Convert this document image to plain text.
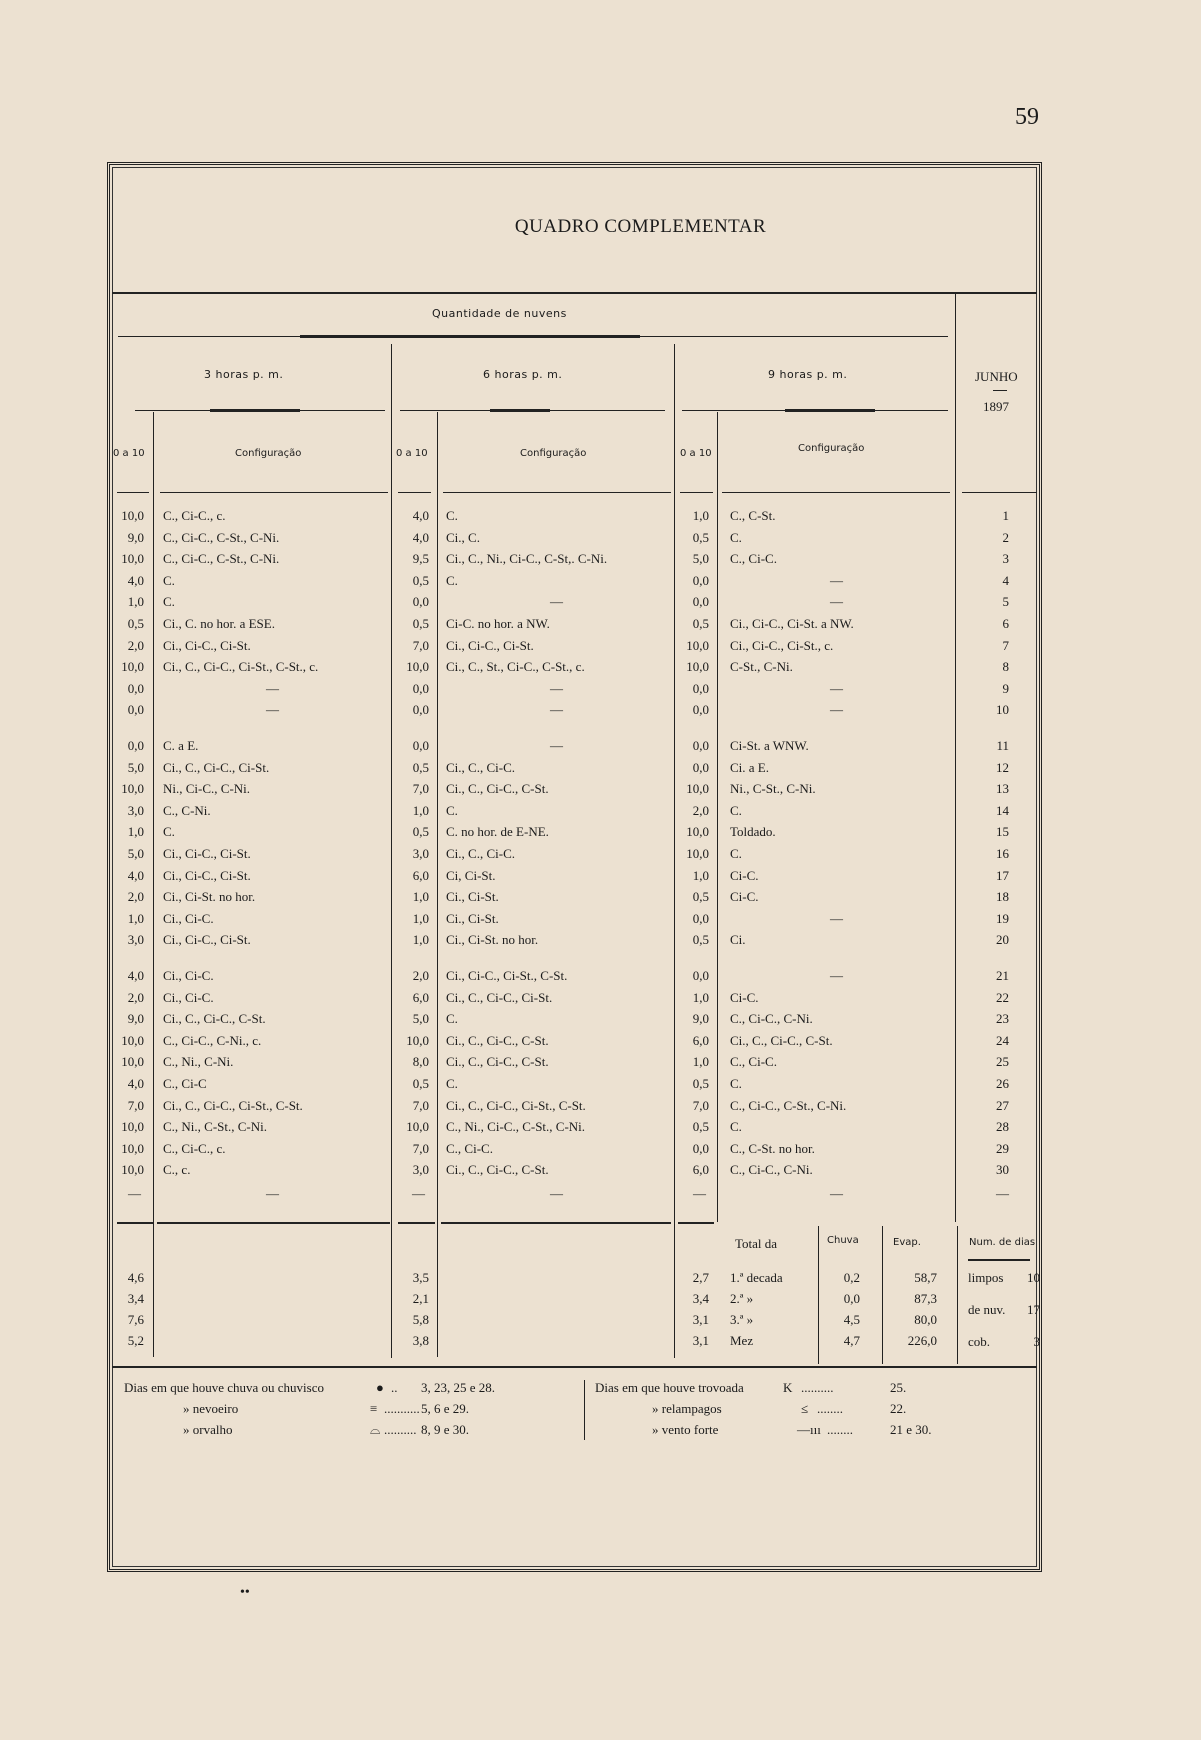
59
QUADRO COMPLEMENTAR
Quantidade de nuvens
JUNHO
1897
3 horas p. m.	6 horas p. m.	9 horas p. m.
0 a 10	Configuração	0 a 10	Configuração	0 a 10	Configuração
10,0 C., Ci-C., c.	4,0 C.	1,0 C., C-St.	1
9,0 C., Ci-C., C-St., C-Ni.	4,0 Ci., C.	0,5 C.	2
10,0 C., Ci-C., C-St., C-Ni.	9,5 Ci., C., Ni., Ci-C., C-St,. C-Ni.	5,0 C., Ci-C.	3
4,0 C.	0,5 C.	0,0	—	4
1,0 C.	0,0	—	0,0	—	5
0,5 Ci., C. no hor. a ESE.	0,5 Ci-C. no hor. a NW.	0,5 Ci., Ci-C., Ci-St. a NW.	6
2,0 Ci., Ci-C., Ci-St.	7,0 Ci., Ci-C., Ci-St.	10,0 Ci., Ci-C., Ci-St., c.	7
10,0 Ci., C., Ci-C., Ci-St., C-St., c.	10,0 Ci., C., St., Ci-C., C-St., c.	10,0 C-St., C-Ni.	8
0,0	—	0,0	—	0,0	—	9
0,0	—	0,0	—	0,0	—	10
0,0 C. a E.	0,0	—	0,0 Ci-St. a WNW.	11
5,0 Ci., C., Ci-C., Ci-St.	0,5 Ci., C., Ci-C.	0,0 Ci. a E.	12
10,0 Ni., Ci-C., C-Ni.	7,0 Ci., C., Ci-C., C-St.	10,0 Ni., C-St., C-Ni.	13
3,0 C., C-Ni.	1,0 C.	2,0 C.	14
1,0 C.	0,5 C. no hor. de E-NE.	10,0 Toldado.	15
5,0 Ci., Ci-C., Ci-St.	3,0 Ci., C., Ci-C.	10,0 C.	16
4,0 Ci., Ci-C., Ci-St.	6,0 Ci, Ci-St.	1,0 Ci-C.	17
2,0 Ci., Ci-St. no hor.	1,0 Ci., Ci-St.	0,5 Ci-C.	18
1,0 Ci., Ci-C.	1,0 Ci., Ci-St.	0,0	—	19
3,0 Ci., Ci-C., Ci-St.	1,0 Ci., Ci-St. no hor.	0,5 Ci.	20
4,0 Ci., Ci-C.	2,0 Ci., Ci-C., Ci-St., C-St.	0,0	—	21
2,0 Ci., Ci-C.	6,0 Ci., C., Ci-C., Ci-St.	1,0 Ci-C.	22
9,0 Ci., C., Ci-C., C-St.	5,0 C.	9,0 C., Ci-C., C-Ni.	23
10,0 C., Ci-C., C-Ni., c.	10,0 Ci., C., Ci-C., C-St.	6,0 Ci., C., Ci-C., C-St.	24
10,0 C., Ni., C-Ni.	8,0 Ci., C., Ci-C., C-St.	1,0 C., Ci-C.	25
4,0 C., Ci-C	0,5 C.	0,5 C.	26
7,0 Ci., C., Ci-C., Ci-St., C-St.	7,0 Ci., C., Ci-C., Ci-St., C-St.	7,0 C., Ci-C., C-St., C-Ni.	27
10,0 C., Ni., C-St., C-Ni.	10,0 C., Ni., Ci-C., C-St., C-Ni.	0,5 C.	28
10,0 C., Ci-C., c.	7,0 C., Ci-C.	0,0 C., C-St. no hor.	29
10,0 C., c.	3,0 Ci., C., Ci-C., C-St.	6,0 C., Ci-C., C-Ni.	30
—	—	—	—	—	—	—
Total da	Chuva	Evap.	Num. de dias
4,6	3,5	2,7 1.ª decada	0,2	58,7
3,4	2,1	3,4 2.ª »	0,0	87,3
7,6	5,8	3,1 3.ª »	4,5	80,0
5,2	3,8	3,1 Mez	4,7	226,0
limpos	10
de nuv.	17
cob.	3
Dias em que houve chuva ou chuvisco	● .. 3, 23, 25 e 28.
» nevoeiro	≡ ........... 5, 6 e 29.
» orvalho	⌓ .......... 8, 9 e 30.
Dias em que houve trovoada	K ..........	25.
» relampagos	≤ ........	22.
» vento forte	—ııı ........	21 e 30.
••
